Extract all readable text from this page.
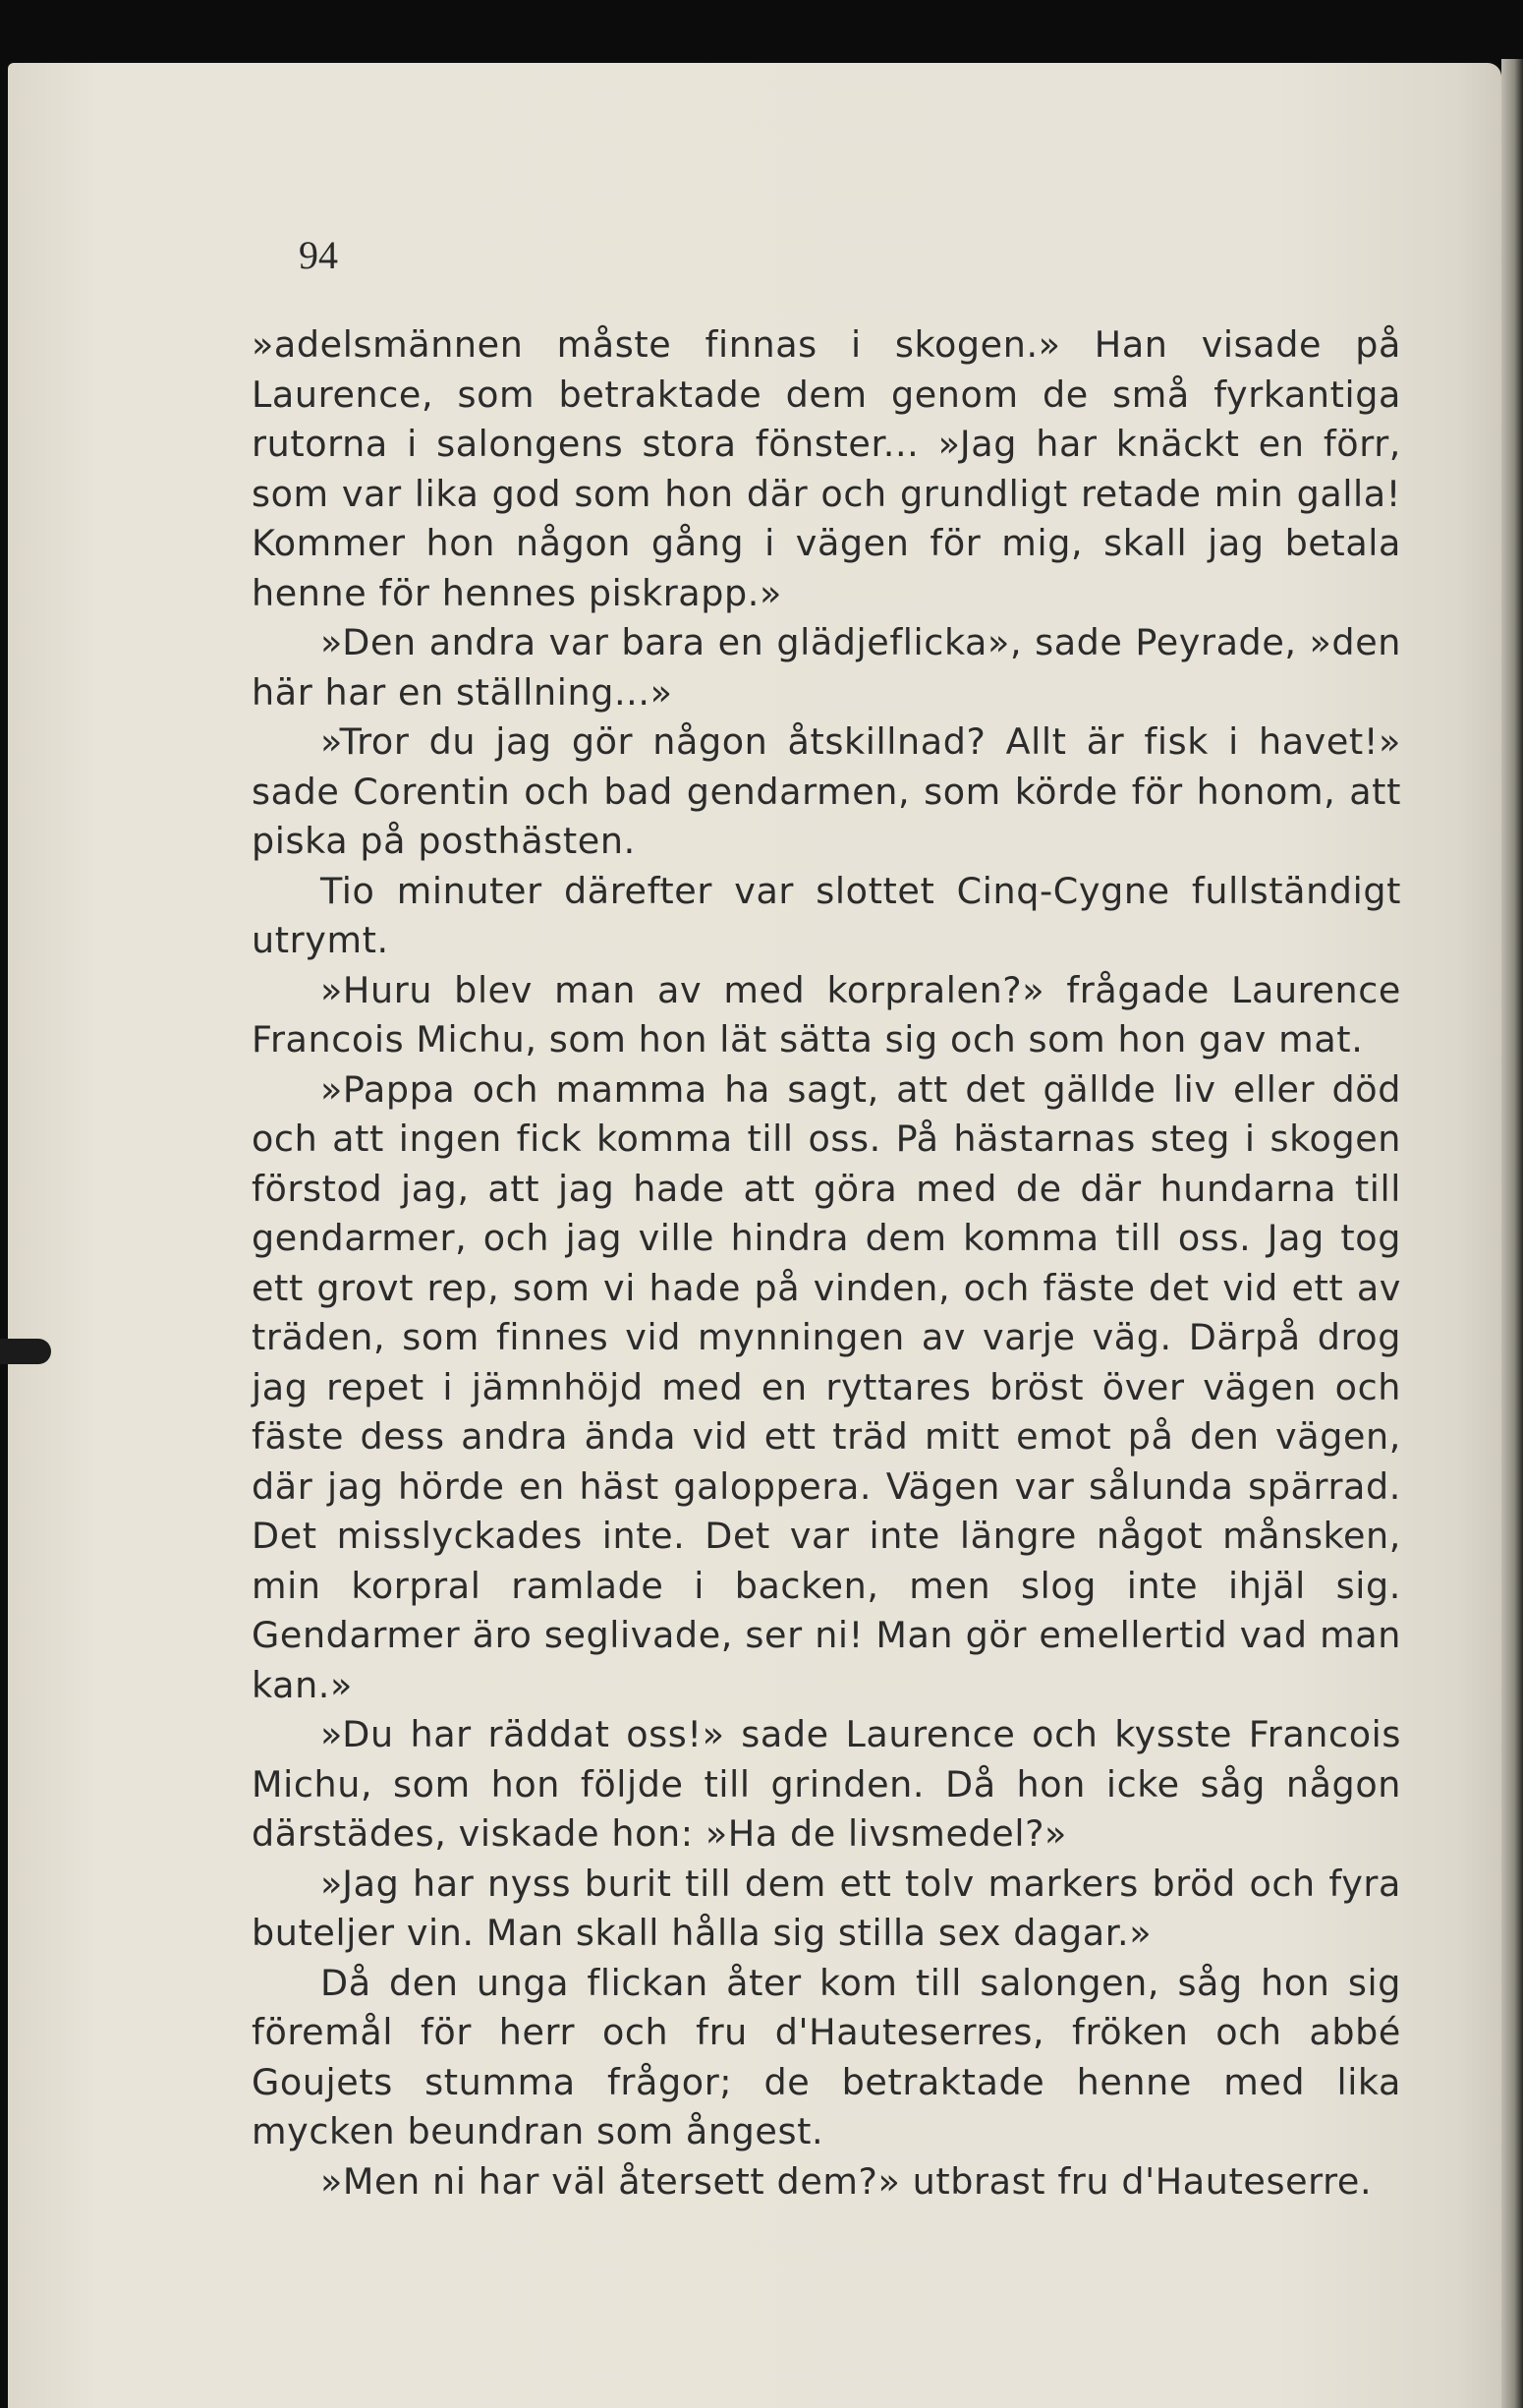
94

»adelsmännen måste finnas i skogen.» Han visade på Laurence, som betraktade dem genom de små fyrkantiga rutorna i salongens stora fönster... »Jag har knäckt en förr, som var lika god som hon där och grundligt retade min galla! Kommer hon någon gång i vägen för mig, skall jag betala henne för hennes piskrapp.»

»Den andra var bara en glädjeflicka», sade Peyrade, »den här har en ställning...»

»Tror du jag gör någon åtskillnad? Allt är fisk i havet!» sade Corentin och bad gendarmen, som körde för honom, att piska på posthästen.

Tio minuter därefter var slottet Cinq-Cygne fullständigt utrymt.

»Huru blev man av med korpralen?» frågade Laurence Francois Michu, som hon lät sätta sig och som hon gav mat.

»Pappa och mamma ha sagt, att det gällde liv eller död och att ingen fick komma till oss. På hästarnas steg i skogen förstod jag, att jag hade att göra med de där hundarna till gendarmer, och jag ville hindra dem komma till oss. Jag tog ett grovt rep, som vi hade på vinden, och fäste det vid ett av träden, som finnes vid mynningen av varje väg. Därpå drog jag repet i jämnhöjd med en ryttares bröst över vägen och fäste dess andra ända vid ett träd mitt emot på den vägen, där jag hörde en häst galoppera. Vägen var sålunda spärrad. Det misslyckades inte. Det var inte längre något månsken, min korpral ramlade i backen, men slog inte ihjäl sig. Gendarmer äro seglivade, ser ni! Man gör emellertid vad man kan.»

»Du har räddat oss!» sade Laurence och kysste Francois Michu, som hon följde till grinden. Då hon icke såg någon därstädes, viskade hon: »Ha de livsmedel?»

»Jag har nyss burit till dem ett tolv markers bröd och fyra buteljer vin. Man skall hålla sig stilla sex dagar.»

Då den unga flickan åter kom till salongen, såg hon sig föremål för herr och fru d'Hauteserres, fröken och abbé Goujets stumma frågor; de betraktade henne med lika mycken beundran som ångest.

»Men ni har väl återsett dem?» utbrast fru d'Hauteserre.
